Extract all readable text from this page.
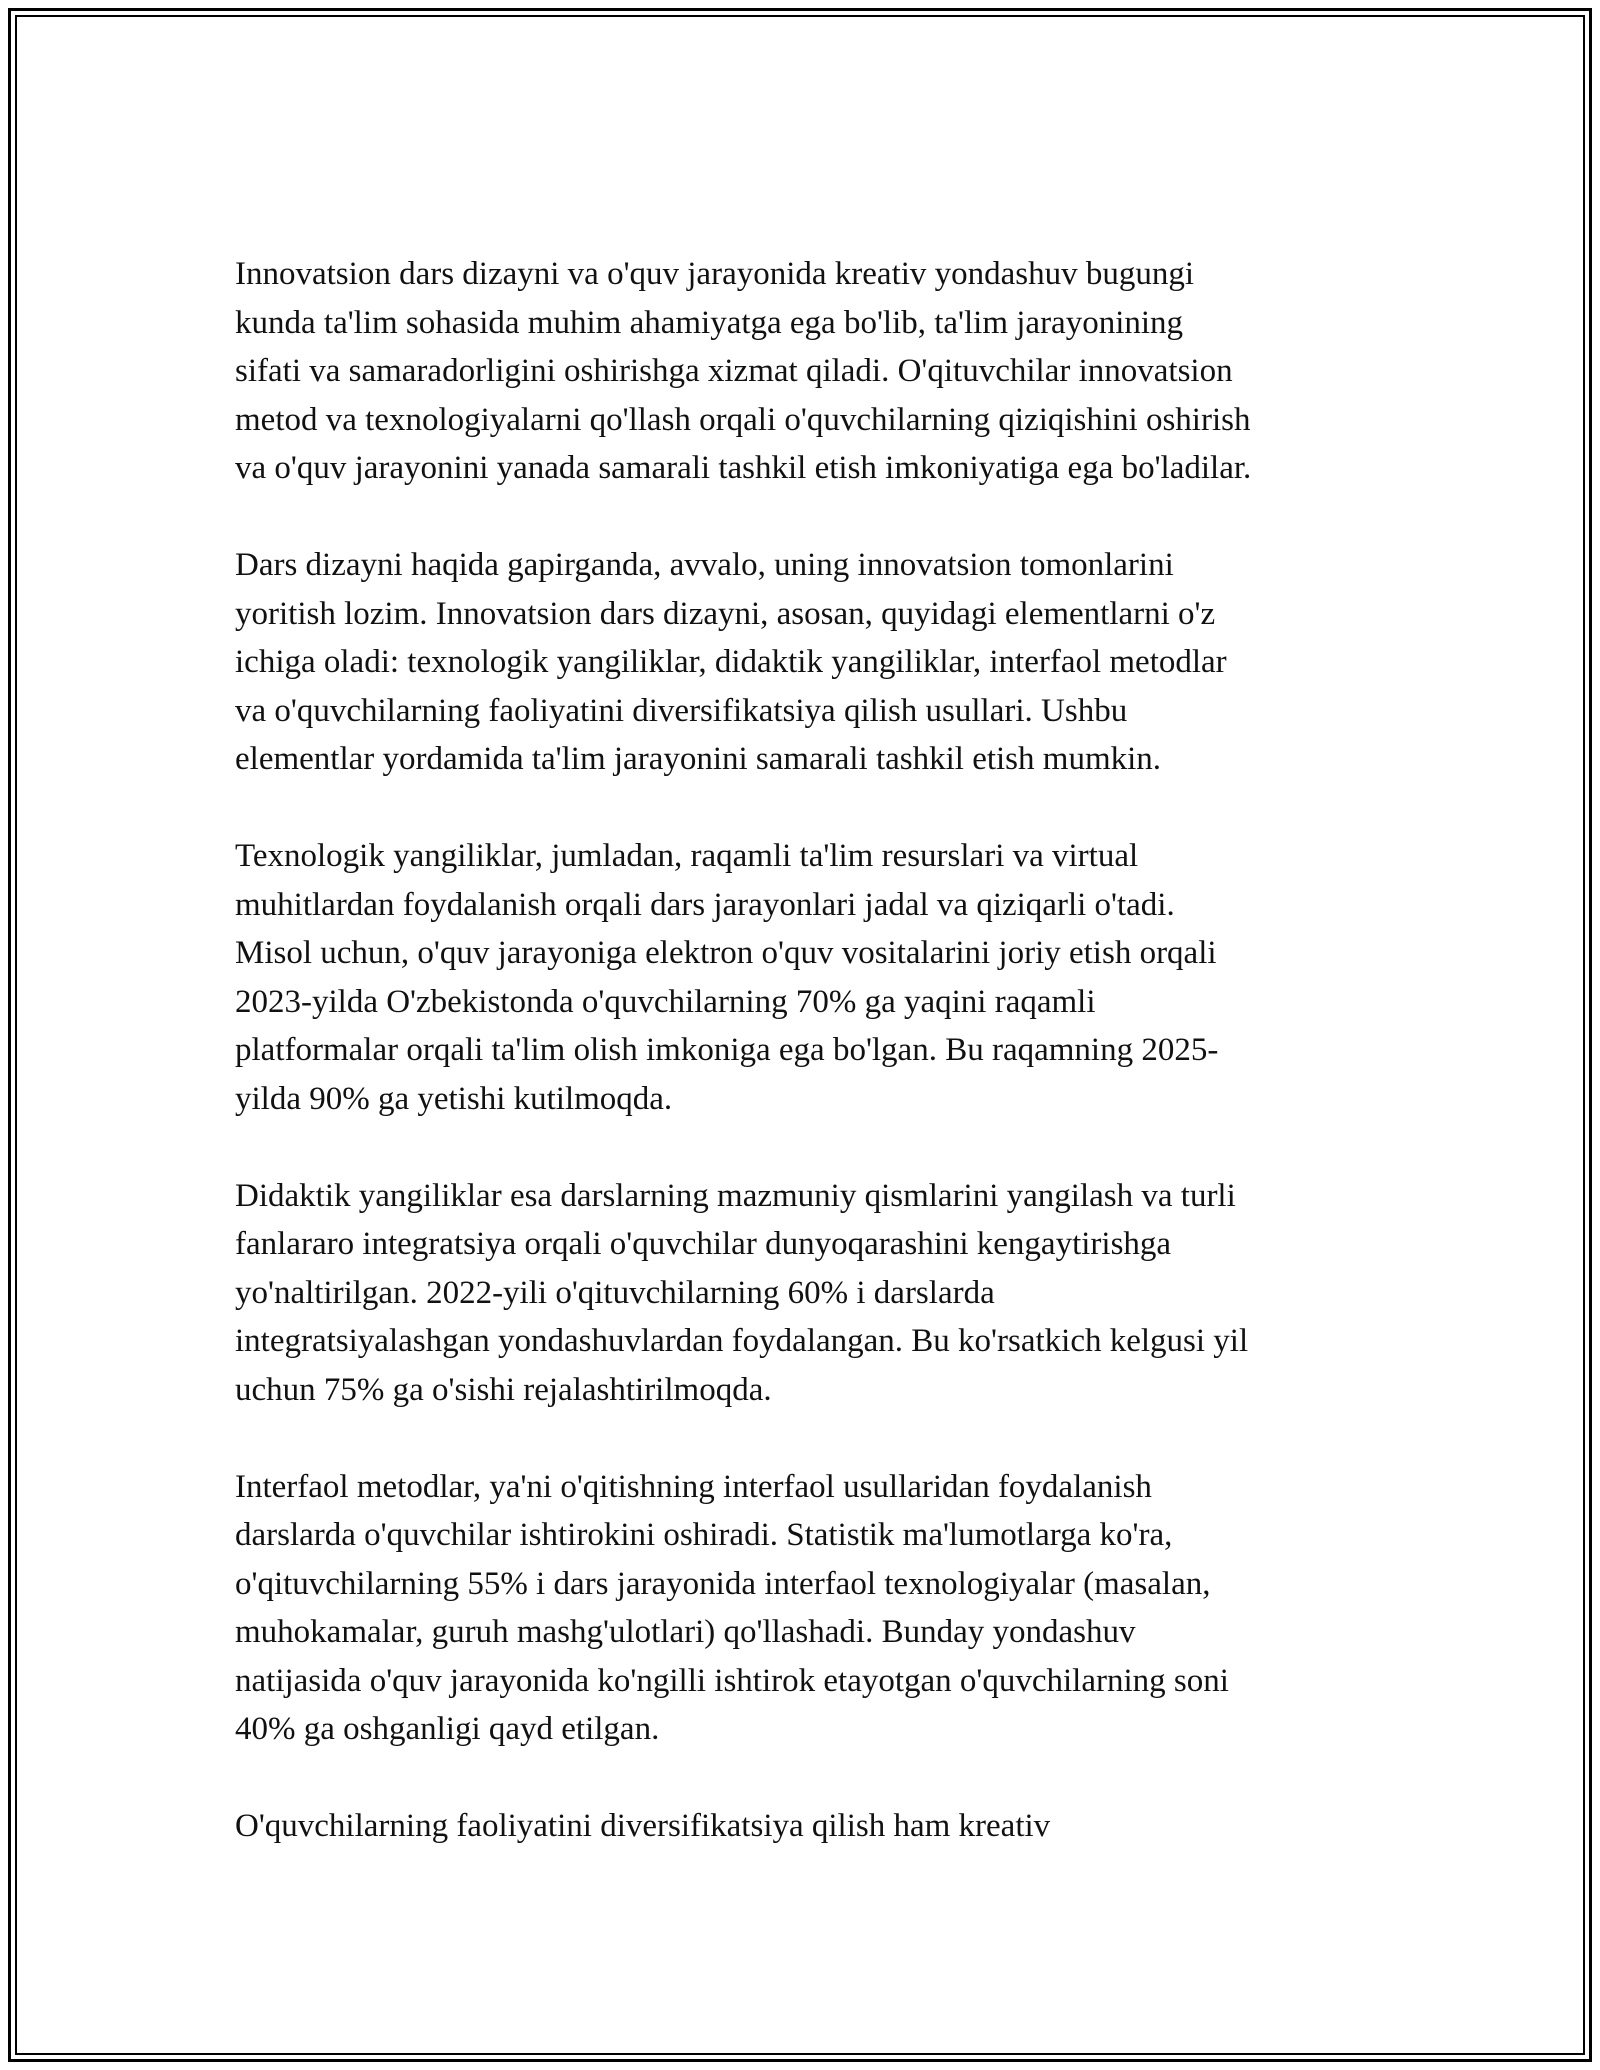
Innovatsion dars dizayni va o'quv jarayonida kreativ yondashuv bugungi
kunda ta'lim sohasida muhim ahamiyatga ega bo'lib, ta'lim jarayonining
sifati va samaradorligini oshirishga xizmat qiladi. O'qituvchilar innovatsion
metod va texnologiyalarni qo'llash orqali o'quvchilarning qiziqishini oshirish
va o'quv jarayonini yanada samarali tashkil etish imkoniyatiga ega bo'ladilar.

Dars dizayni haqida gapirganda, avvalo, uning innovatsion tomonlarini
yoritish lozim. Innovatsion dars dizayni, asosan, quyidagi elementlarni o'z
ichiga oladi: texnologik yangiliklar, didaktik yangiliklar, interfaol metodlar
va o'quvchilarning faoliyatini diversifikatsiya qilish usullari. Ushbu
elementlar yordamida ta'lim jarayonini samarali tashkil etish mumkin.

Texnologik yangiliklar, jumladan, raqamli ta'lim resurslari va virtual
muhitlardan foydalanish orqali dars jarayonlari jadal va qiziqarli o'tadi.
Misol uchun, o'quv jarayoniga elektron o'quv vositalarini joriy etish orqali
2023-yilda O'zbekistonda o'quvchilarning 70% ga yaqini raqamli
platformalar orqali ta'lim olish imkoniga ega bo'lgan. Bu raqamning 2025-
yilda 90% ga yetishi kutilmoqda.

Didaktik yangiliklar esa darslarning mazmuniy qismlarini yangilash va turli
fanlararo integratsiya orqali o'quvchilar dunyoqarashini kengaytirishga
yo'naltirilgan. 2022-yili o'qituvchilarning 60% i darslarda
integratsiyalashgan yondashuvlardan foydalangan. Bu ko'rsatkich kelgusi yil
uchun 75% ga o'sishi rejalashtirilmoqda.

Interfaol metodlar, ya'ni o'qitishning interfaol usullaridan foydalanish
darslarda o'quvchilar ishtirokini oshiradi. Statistik ma'lumotlarga ko'ra,
o'qituvchilarning 55% i dars jarayonida interfaol texnologiyalar (masalan,
muhokamalar, guruh mashg'ulotlari) qo'llashadi. Bunday yondashuv
natijasida o'quv jarayonida ko'ngilli ishtirok etayotgan o'quvchilarning soni
40% ga oshganligi qayd etilgan.

O'quvchilarning faoliyatini diversifikatsiya qilish ham kreativ
